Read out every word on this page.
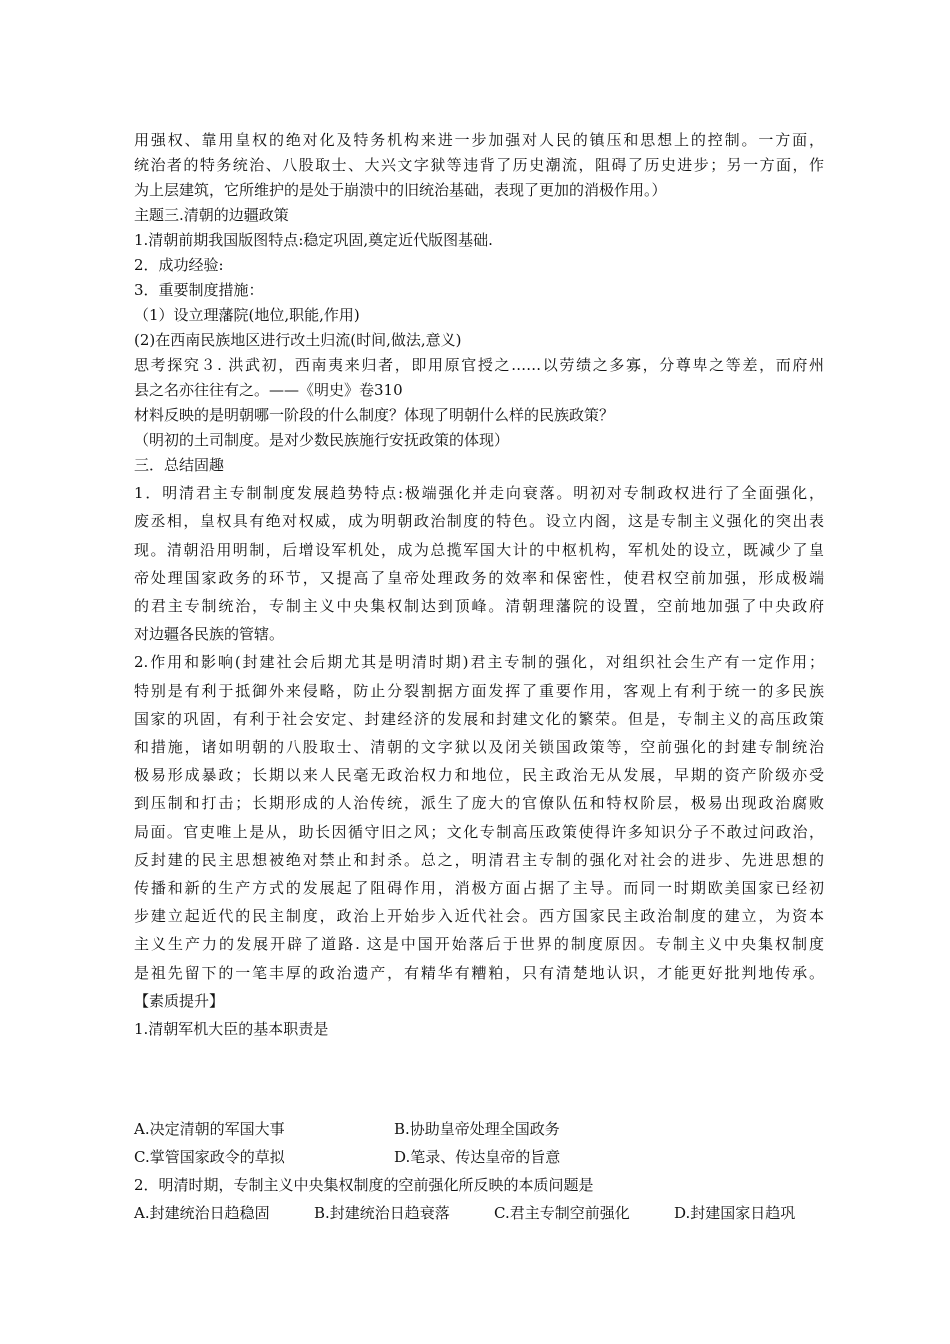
用强权、靠用皇权的绝对化及特务机构来进一步加强对人民的镇压和思想上的控制。一方面，
统治者的特务统治、八股取士、大兴文字狱等违背了历史潮流，阻碍了历史进步；另一方面，作
为上层建筑，它所维护的是处于崩溃中的旧统治基础，表现了更加的消极作用。）
主题三.清朝的边疆政策
1.清朝前期我国版图特点:稳定巩固,奠定近代版图基础.
2．成功经验:
3．重要制度措施：
（1）设立理藩院(地位,职能,作用)
(2)在西南民族地区进行改土归流(时间,做法,意义)
思考探究３. 洪武初，西南夷来归者，即用原官授之……以劳绩之多寡，分尊卑之等差，而府州
县之名亦往往有之。——《明史》卷310
材料反映的是明朝哪一阶段的什么制度？体现了明朝什么样的民族政策？
（明初的土司制度。是对少数民族施行安抚政策的体现）
三．总结固趣
1．明清君主专制制度发展趋势特点:极端强化并走向衰落。明初对专制政权进行了全面强化，
废丞相，皇权具有绝对权威，成为明朝政治制度的特色。设立内阁，这是专制主义强化的突出表
现。清朝沿用明制，后增设军机处，成为总揽军国大计的中枢机构，军机处的设立，既减少了皇
帝处理国家政务的环节，又提高了皇帝处理政务的效率和保密性，使君权空前加强，形成极端
的君主专制统治，专制主义中央集权制达到顶峰。清朝理藩院的设置，空前地加强了中央政府
对边疆各民族的管辖。
2.作用和影响(封建社会后期尤其是明清时期)君主专制的强化，对组织社会生产有一定作用；
特别是有利于抵御外来侵略，防止分裂割据方面发挥了重要作用，客观上有利于统一的多民族
国家的巩固，有利于社会安定、封建经济的发展和封建文化的繁荣。但是，专制主义的高压政策
和措施，诸如明朝的八股取士、清朝的文字狱以及闭关锁国政策等，空前强化的封建专制统治
极易形成暴政；长期以来人民毫无政治权力和地位，民主政治无从发展，早期的资产阶级亦受
到压制和打击；长期形成的人治传统，派生了庞大的官僚队伍和特权阶层，极易出现政治腐败
局面。官吏唯上是从，助长因循守旧之风；文化专制高压政策使得许多知识分子不敢过问政治，
反封建的民主思想被绝对禁止和封杀。总之，明清君主专制的强化对社会的进步、先进思想的
传播和新的生产方式的发展起了阻碍作用，消极方面占据了主导。而同一时期欧美国家已经初
步建立起近代的民主制度，政治上开始步入近代社会。西方国家民主政治制度的建立，为资本
主义生产力的发展开辟了道路. 这是中国开始落后于世界的制度原因。专制主义中央集权制度
是祖先留下的一笔丰厚的政治遗产，有精华有糟粕，只有清楚地认识，才能更好批判地传承。
【素质提升】
1.清朝军机大臣的基本职责是
A.决定清朝的军国大事	B.协助皇帝处理全国政务
C.掌管国家政令的草拟	D.笔录、传达皇帝的旨意
2．明清时期，专制主义中央集权制度的空前强化所反映的本质问题是
A.封建统治日趋稳固	B.封建统治日趋衰落	C.君主专制空前强化	D.封建国家日趋巩
